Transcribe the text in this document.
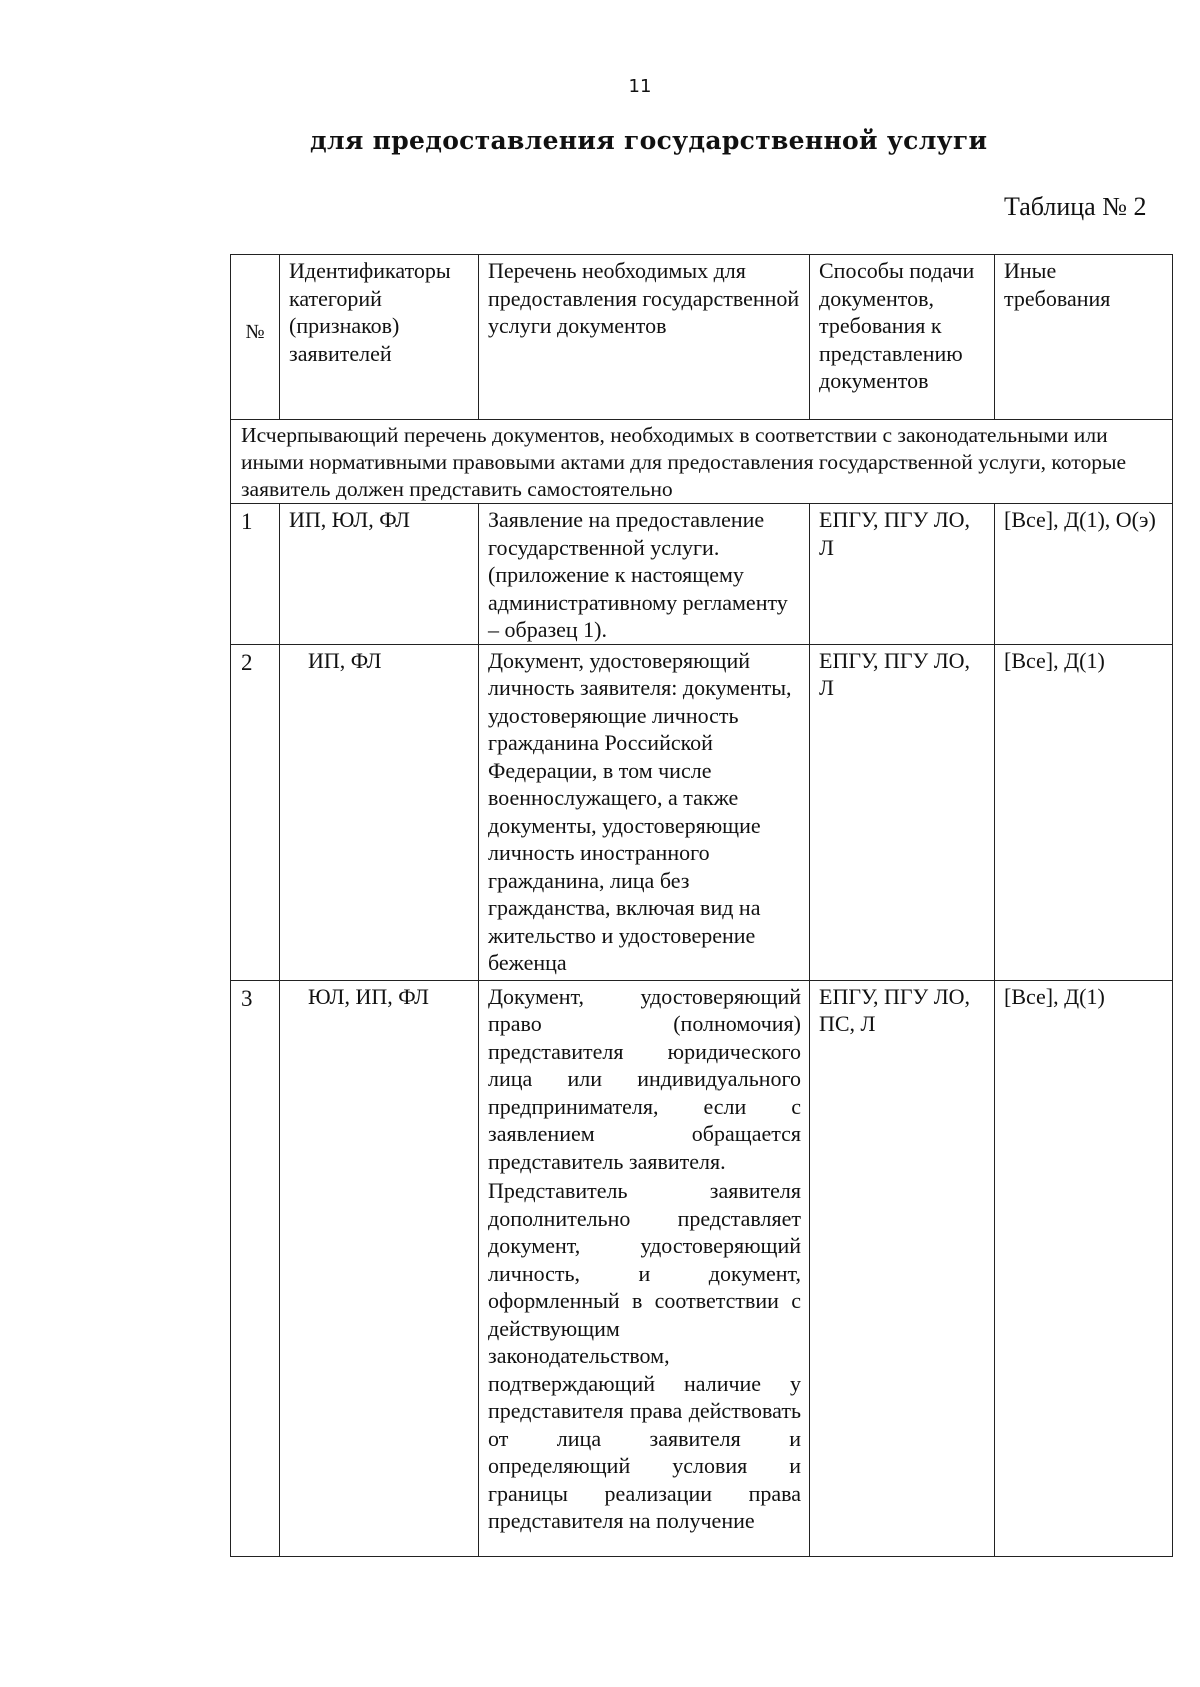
11
для предоставления государственной услуги
Таблица № 2
№	Идентификаторы категорий (признаков) заявителей	Перечень необходимых для предоставления государственной услуги документов	Способы подачи документов, требования к представлению документов	Иные требования

Исчерпывающий перечень документов, необходимых в соответствии с законодательными или иными нормативными правовыми актами для предоставления государственной услуги, которые заявитель должен представить самостоятельно				

1	ИП, ЮЛ, ФЛ	Заявление на предоставление государственной услуги. (приложение к настоящему административному регламенту – образец 1).	ЕПГУ, ПГУ ЛО, Л	[Все], Д(1), О(э)

2	ИП, ФЛ	Документ, удостоверяющий личность заявителя: документы, удостоверяющие личность гражданина Российской Федерации, в том числе военнослужащего, а также документы, удостоверяющие личность иностранного гражданина, лица без гражданства, включая вид на жительство и удостоверение беженца	ЕПГУ, ПГУ ЛО, Л	[Все], Д(1)

3	ЮЛ, ИП, ФЛ	Документ, удостоверяющий право (полномочия) представителя юридического лица или индивидуального предпринимателя, если с заявлением обращается представитель заявителя.
Представитель заявителя дополнительно представляет документ, удостоверяющий личность, и документ, оформленный в соответствии с действующим законодательством, подтверждающий наличие у представителя права действовать от лица заявителя и определяющий условия и границы реализации права представителя на получение	ЕПГУ, ПГУ ЛО, ПС, Л	[Все], Д(1)
